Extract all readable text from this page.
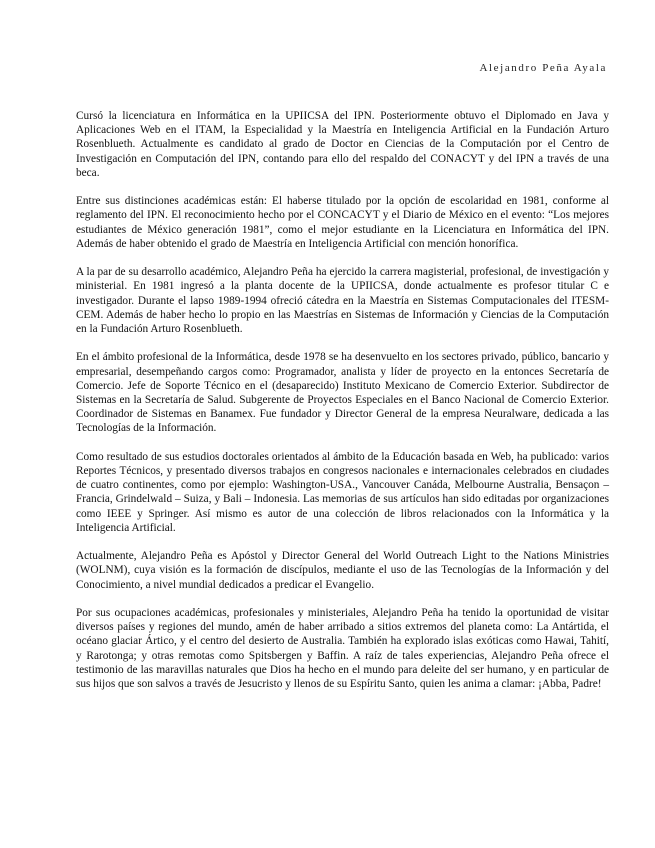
Alejandro Peña Ayala

Cursó la licenciatura en Informática en la UPIICSA del IPN. Posteriormente obtuvo el Diplomado en Java y Aplicaciones Web en el ITAM, la Especialidad y la Maestría en Inteligencia Artificial en la Fundación Arturo Rosenblueth. Actualmente es candidato al grado de Doctor en Ciencias de la Computación por el Centro de Investigación en Computación del IPN, contando para ello del respaldo del CONACYT y del IPN a través de una beca.

Entre sus distinciones académicas están: El haberse titulado por la opción de escolaridad en 1981, conforme al reglamento del IPN. El reconocimiento hecho por el CONCACYT y el Diario de México en el evento: “Los mejores estudiantes de México generación 1981”, como el mejor estudiante en la Licenciatura en Informática del IPN. Además de haber obtenido el grado de Maestría en Inteligencia Artificial con mención honorífica.

A la par de su desarrollo académico, Alejandro Peña ha ejercido la carrera magisterial, profesional, de investigación y ministerial. En 1981 ingresó a la planta docente de la UPIICSA, donde actualmente es profesor titular C e investigador. Durante el lapso 1989-1994 ofreció cátedra en la Maestría en Sistemas Computacionales del ITESM-CEM. Además de haber hecho lo propio en las Maestrías en Sistemas de Información y Ciencias de la Computación en la Fundación Arturo Rosenblueth.

En el ámbito profesional de la Informática, desde 1978 se ha desenvuelto en los sectores privado, público, bancario y empresarial, desempeñando cargos como: Programador, analista y líder de proyecto en la entonces Secretaría de Comercio. Jefe de Soporte Técnico en el (desaparecido) Instituto Mexicano de Comercio Exterior. Subdirector de Sistemas en la Secretaría de Salud. Subgerente de Proyectos Especiales en el Banco Nacional de Comercio Exterior. Coordinador de Sistemas en Banamex. Fue fundador y Director General de la empresa Neuralware, dedicada a las Tecnologías de la Información.

Como resultado de sus estudios doctorales orientados al ámbito de la Educación basada en Web, ha publicado: varios Reportes Técnicos, y presentado diversos trabajos en congresos nacionales e internacionales celebrados en ciudades de cuatro continentes, como por ejemplo: Washington-USA., Vancouver Canáda, Melbourne Australia, Bensaçon – Francia, Grindelwald – Suiza, y Bali – Indonesia. Las memorias de sus artículos han sido editadas por organizaciones como IEEE y Springer. Así mismo es autor de una colección de libros relacionados con la Informática y la Inteligencia Artificial.

Actualmente, Alejandro Peña es Apóstol y Director General del World Outreach Light to the Nations Ministries (WOLNM), cuya visión es la formación de discípulos, mediante el uso de las Tecnologías de la Información y del Conocimiento, a nivel mundial dedicados a predicar el Evangelio.

Por sus ocupaciones académicas, profesionales y ministeriales, Alejandro Peña ha tenido la oportunidad de visitar diversos países y regiones del mundo, amén de haber arribado a sitios extremos del planeta como: La Antártida, el océano glaciar Ártico, y el centro del desierto de Australia. También ha explorado islas exóticas como Hawai, Tahití, y Rarotonga; y otras remotas como Spitsbergen y Baffin. A raíz de tales experiencias, Alejandro Peña ofrece el testimonio de las maravillas naturales que Dios ha hecho en el mundo para deleite del ser humano, y en particular de sus hijos que son salvos a través de Jesucristo y llenos de su Espíritu Santo, quien les anima a clamar: ¡Abba, Padre!
